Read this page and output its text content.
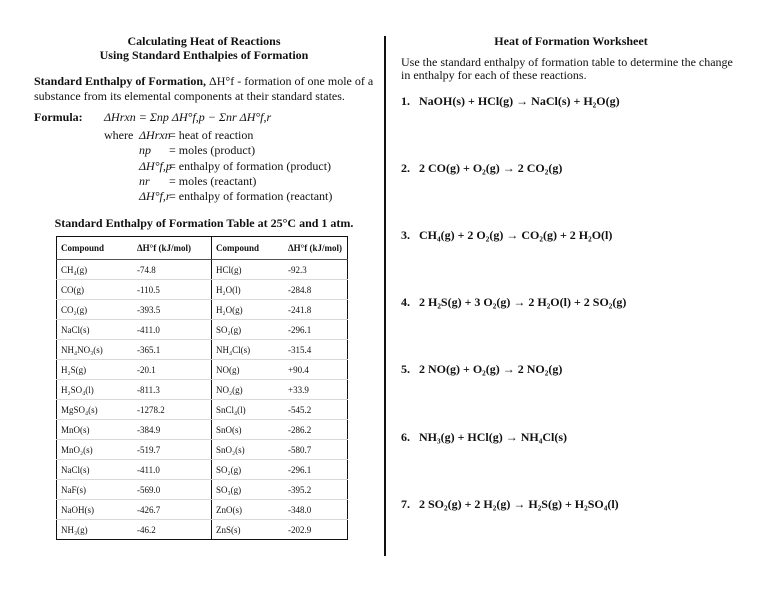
Calculating Heat of Reactions
Using Standard Enthalpies of Formation
Standard Enthalpy of Formation, ΔH°f - formation of one mole of a substance from its elemental components at their standard states.
Formula: ΔHrxn = Σnp ΔH°f,p − Σnr ΔH°f,r
where ΔHrxn
= heat of reaction
np = moles (product)
ΔH°f,p
= enthalpy of formation (product)
nr = moles (reactant)
ΔH°f,r
= enthalpy of formation (reactant)
Standard Enthalpy of Formation Table at 25°C and 1 atm.
Compound	ΔH°f (kJ/mol)	Compound	ΔH°f (kJ/mol)
CH₄(g)	-74.8	HCl(g)	-92.3
CO(g)	-110.5	H₂O(l)	-284.8
CO₂(g)	-393.5	H₂O(g)	-241.8
NaCl(s)	-411.0	SO₂(g)	-296.1
NH₄NO₃(s)	-365.1	NH₄Cl(s)	-315.4
H₂S(g)	-20.1	NO(g)	+90.4
H₂SO₄(l)	-811.3	NO₂(g)	+33.9
MgSO₄(s)	-1278.2	SnCl₄(l)	-545.2
MnO(s)	-384.9	SnO(s)	-286.2
MnO₂(s)	-519.7	SnO₂(s)	-580.7
NaCl(s)	-411.0	SO₂(g)	-296.1
NaF(s)	-569.0	SO₃(g)	-395.2
NaOH(s)	-426.7	ZnO(s)	-348.0
NH₃(g)	-46.2	ZnS(s)	-202.9
Heat of Formation Worksheet
Use the standard enthalpy of formation table to determine the change in enthalpy for each of these reactions.
1. NaOH(s) + HCl(g) → NaCl(s) + H₂O(g)
2. 2 CO(g) + O₂(g) → 2 CO₂(g)
3. CH₄(g) + 2 O₂(g) → CO₂(g) + 2 H₂O(l)
4. 2 H₂S(g) + 3 O₂(g) → 2 H₂O(l) + 2 SO₂(g)
5. 2 NO(g) + O₂(g) → 2 NO₂(g)
6. NH₃(g) + HCl(g) → NH₄Cl(s)
7. 2 SO₂(g) + 2 H₂(g) → H₂S(g) + H₂SO₄(l)
